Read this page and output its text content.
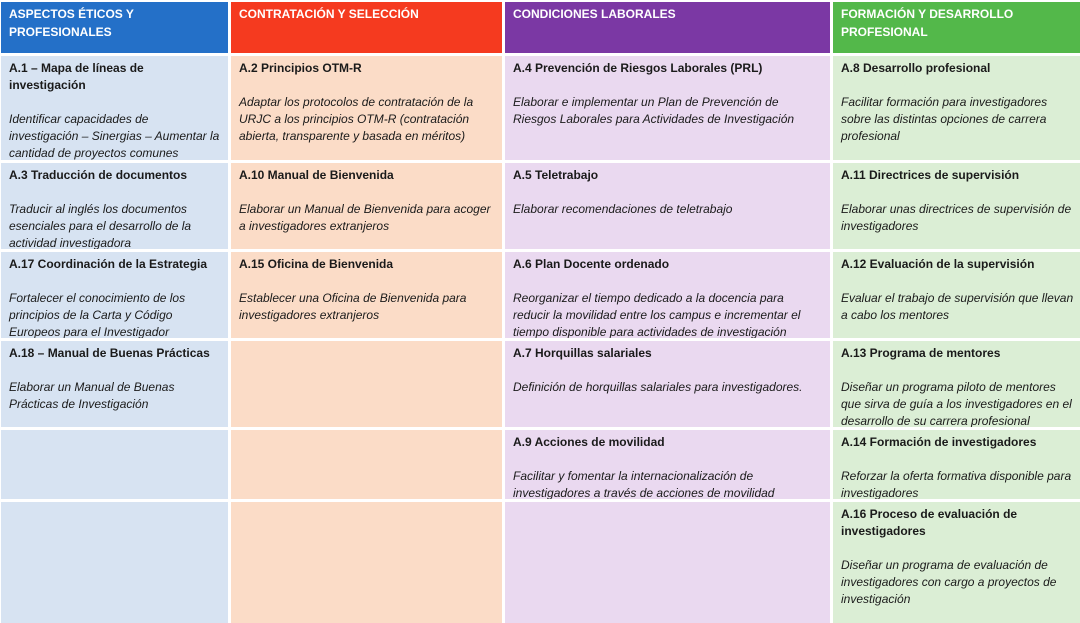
ASPECTOS ÉTICOS Y PROFESIONALES
CONTRATACIÓN Y SELECCIÓN	CONDICIONES LABORALES	FORMACIÓN Y DESARROLLO PROFESIONAL
A.1 – Mapa de líneas de investigación
Identificar capacidades de investigación – Sinergias – Aumentar la cantidad de proyectos comunes
A.2 Principios OTM-R
Adaptar los protocolos de contratación de la URJC a los principios OTM-R (contratación abierta, transparente y basada en méritos)
A.4 Prevención de Riesgos Laborales (PRL)
Elaborar e implementar un Plan de Prevención de Riesgos Laborales para Actividades de Investigación
A.8 Desarrollo profesional
Facilitar formación para investigadores sobre las distintas opciones de carrera profesional
A.3 Traducción de documentos
Traducir al inglés los documentos esenciales para el desarrollo de la actividad investigadora
A.10 Manual de Bienvenida
Elaborar un Manual de Bienvenida para acoger a investigadores extranjeros
A.5 Teletrabajo
Elaborar recomendaciones de teletrabajo
A.11 Directrices de supervisión
Elaborar unas directrices de supervisión de investigadores
A.17 Coordinación de la Estrategia
Fortalecer el conocimiento de los principios de la Carta y Código Europeos para el Investigador
A.15 Oficina de Bienvenida
Establecer una Oficina de Bienvenida para investigadores extranjeros
A.6 Plan Docente ordenado
Reorganizar el tiempo dedicado a la docencia para reducir la movilidad entre los campus e incrementar el tiempo disponible para actividades de investigación
A.12 Evaluación de la supervisión
Evaluar el trabajo de supervisión que llevan a cabo los mentores
A.18 – Manual de Buenas Prácticas
Elaborar un Manual de Buenas Prácticas de Investigación
A.7 Horquillas salariales
Definición de horquillas salariales para investigadores.
A.13 Programa de mentores
Diseñar un programa piloto de mentores que sirva de guía a los investigadores en el desarrollo de su carrera profesional
A.9 Acciones de movilidad
Facilitar y fomentar la internacionalización de investigadores a través de acciones de movilidad
A.14 Formación de investigadores
Reforzar la oferta formativa disponible para investigadores
A.16 Proceso de evaluación de investigadores
Diseñar un programa de evaluación de investigadores con cargo a proyectos de investigación
